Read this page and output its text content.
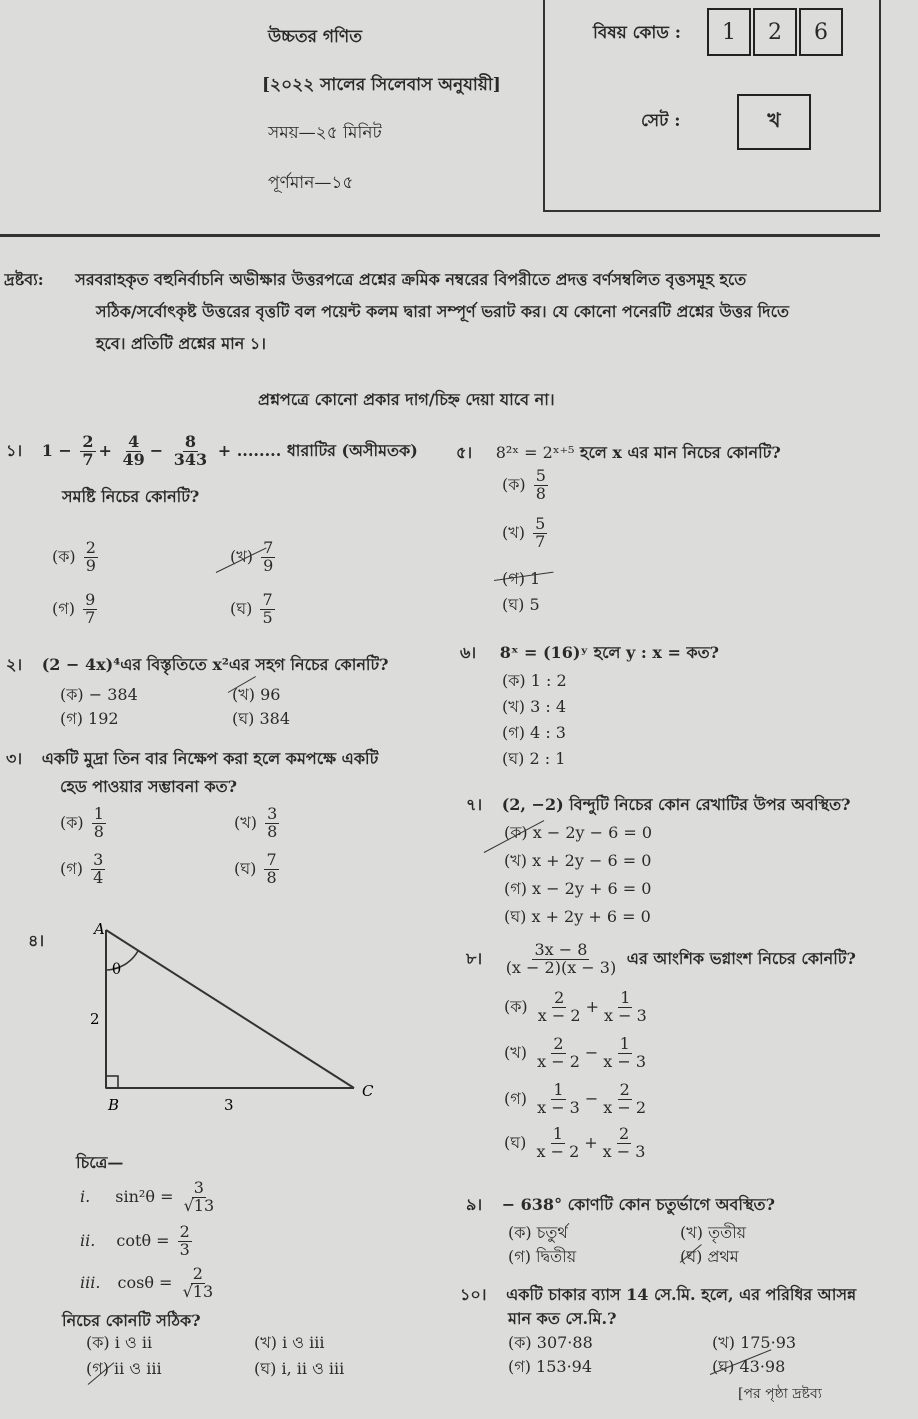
উচ্চতর গণিত
[২০২২ সালের সিলেবাস অনুযায়ী]
সময়—২৫ মিনিট
পূর্ণমান—১৫
বিষয় কোড :	1	2	6
সেট :	খ
দ্রষ্টব্য: সরবরাহকৃত বহুনির্বাচনি অভীক্ষার উত্তরপত্রে প্রশ্নের ক্রমিক নম্বরের বিপরীতে প্রদত্ত বর্ণসম্বলিত বৃত্তসমূহ হতে
সঠিক/সর্বোৎকৃষ্ট উত্তরের বৃত্তটি বল পয়েন্ট কলম দ্বারা সম্পূর্ণ ভরাট কর। যে কোনো পনেরটি প্রশ্নের উত্তর দিতে
হবে। প্রতিটি প্রশ্নের মান ১।
প্রশ্নপত্রে কোনো প্রকার দাগ/চিহ্ন দেয়া যাবে না।
১। $1 - \frac{2}{7} + \frac{4}{49} - \frac{8}{343}$ + ........ ধারাটির (অসীমতক)
সমষ্টি নিচের কোনটি?
(ক) $\frac{2}{9}$	(খ) $\frac{7}{9}$
(গ) $\frac{9}{7}$	(ঘ) $\frac{7}{5}$
২। (2 − 4x)⁴এর বিস্তৃতিতে x²এর সহগ নিচের কোনটি?
(ক) − 384	(খ) 96
(গ) 192	(ঘ) 384
৩। একটি মুদ্রা তিন বার নিক্ষেপ করা হলে কমপক্ষে একটি
হেড পাওয়ার সম্ভাবনা কত?
(ক) $\frac{1}{8}$	(খ) $\frac{3}{8}$
(গ) $\frac{3}{4}$	(ঘ) $\frac{7}{8}$
৪।
A
B
C
θ
2
3
চিত্রে—
i. $\sin^2\theta = \frac{3}{√13}$
ii. $\cot\theta = \frac{2}{3}$
iii. $\cos\theta = \frac{2}{√13}$
নিচের কোনটি সঠিক?
(ক) i ও ii	(খ) i ও iii
(গ) ii ও iii	(ঘ) i, ii ও iii
৫। 8²ˣ = 2ˣ⁺⁵ হলে x এর মান নিচের কোনটি?
(ক) $\frac{5}{8}$
(খ) $\frac{5}{7}$
(গ) 1
(ঘ) 5
৬। 8ˣ = (16)ʸ হলে y : x = কত?
(ক) 1 : 2
(খ) 3 : 4
(গ) 4 : 3
(ঘ) 2 : 1
৭। (2, −2) বিন্দুটি নিচের কোন রেখাটির উপর অবস্থিত?
(ক) x − 2y − 6 = 0
(খ) x + 2y − 6 = 0
(গ) x − 2y + 6 = 0
(ঘ) x + 2y + 6 = 0
৮। $\frac{3x - 8}{(x - 2)(x - 3)}$ এর আংশিক ভগ্নাংশ নিচের কোনটি?
(ক) $\frac{2}{x - 2} + \frac{1}{x - 3}$
(খ) $\frac{2}{x - 2} - \frac{1}{x - 3}$
(গ) $\frac{1}{x - 3} - \frac{2}{x - 2}$
(ঘ) $\frac{1}{x - 2} + \frac{2}{x - 3}$
৯। − 638° কোণটি কোন চতুর্ভাগে অবস্থিত?
(ক) চতুর্থ	(খ) তৃতীয়
(গ) দ্বিতীয়	(ঘ) প্রথম
১০। একটি চাকার ব্যাস 14 সে.মি. হলে, এর পরিধির আসন্ন
মান কত সে.মি.?
(ক) 307·88	(খ) 175·93
(গ) 153·94	(ঘ) 43·98
[পর পৃষ্ঠা দ্রষ্টব্য
